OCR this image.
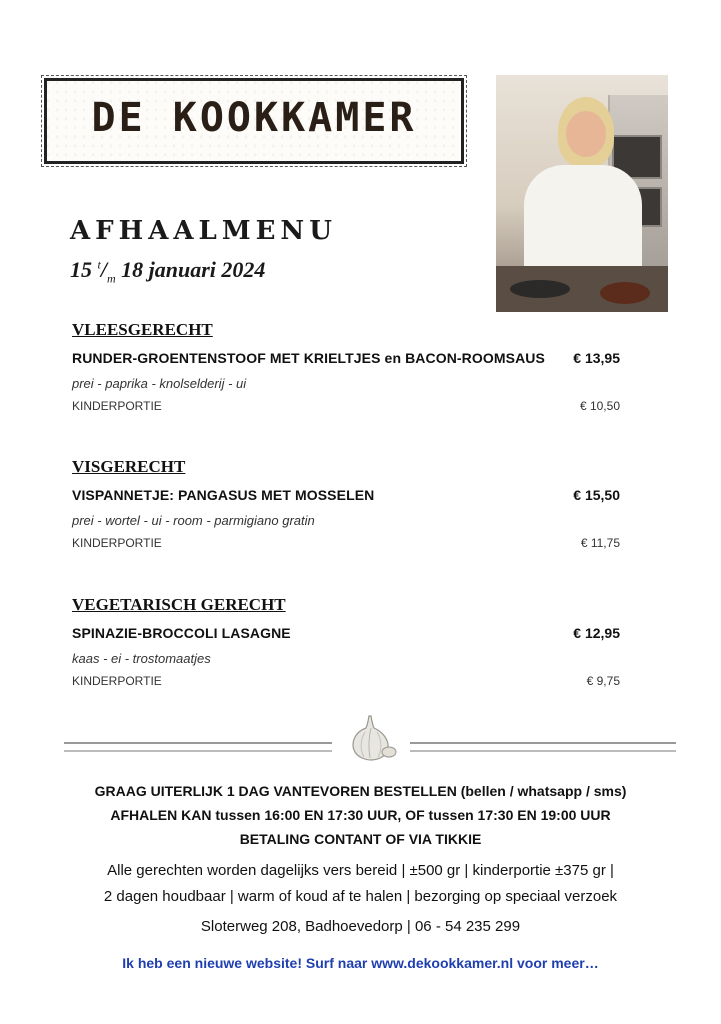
DE KOOKKAMER
AFHAALMENU
15 $^t/_m$ 18 januari 2024
VLEESGERECHT
RUNDER-GROENTENSTOOF MET KRIELTJES en BACON-ROOMSAUS € 13,95
prei - paprika - knolselderij - ui
KINDERPORTIE	€ 10,50
VISGERECHT
VISPANNETJE: PANGASUS MET MOSSELEN	€ 15,50
prei - wortel - ui - room - parmigiano gratin
KINDERPORTIE	€ 11,75
VEGETARISCH GERECHT
SPINAZIE-BROCCOLI LASAGNE	€ 12,95
kaas - ei - trostomaatjes
KINDERPORTIE	€ 9,75
GRAAG UITERLIJK 1 DAG VANTEVOREN BESTELLEN (bellen / whatsapp / sms)
AFHALEN KAN tussen 16:00 EN 17:30 UUR, OF tussen 17:30 EN 19:00 UUR
BETALING CONTANT OF VIA TIKKIE
Alle gerechten worden dagelijks vers bereid | ±500 gr | kinderportie ±375 gr |
2 dagen houdbaar | warm of koud af te halen | bezorging op speciaal verzoek
Sloterweg 208, Badhoevedorp | 06 - 54 235 299
Ik heb een nieuwe website! Surf naar www.dekookkamer.nl voor meer…
